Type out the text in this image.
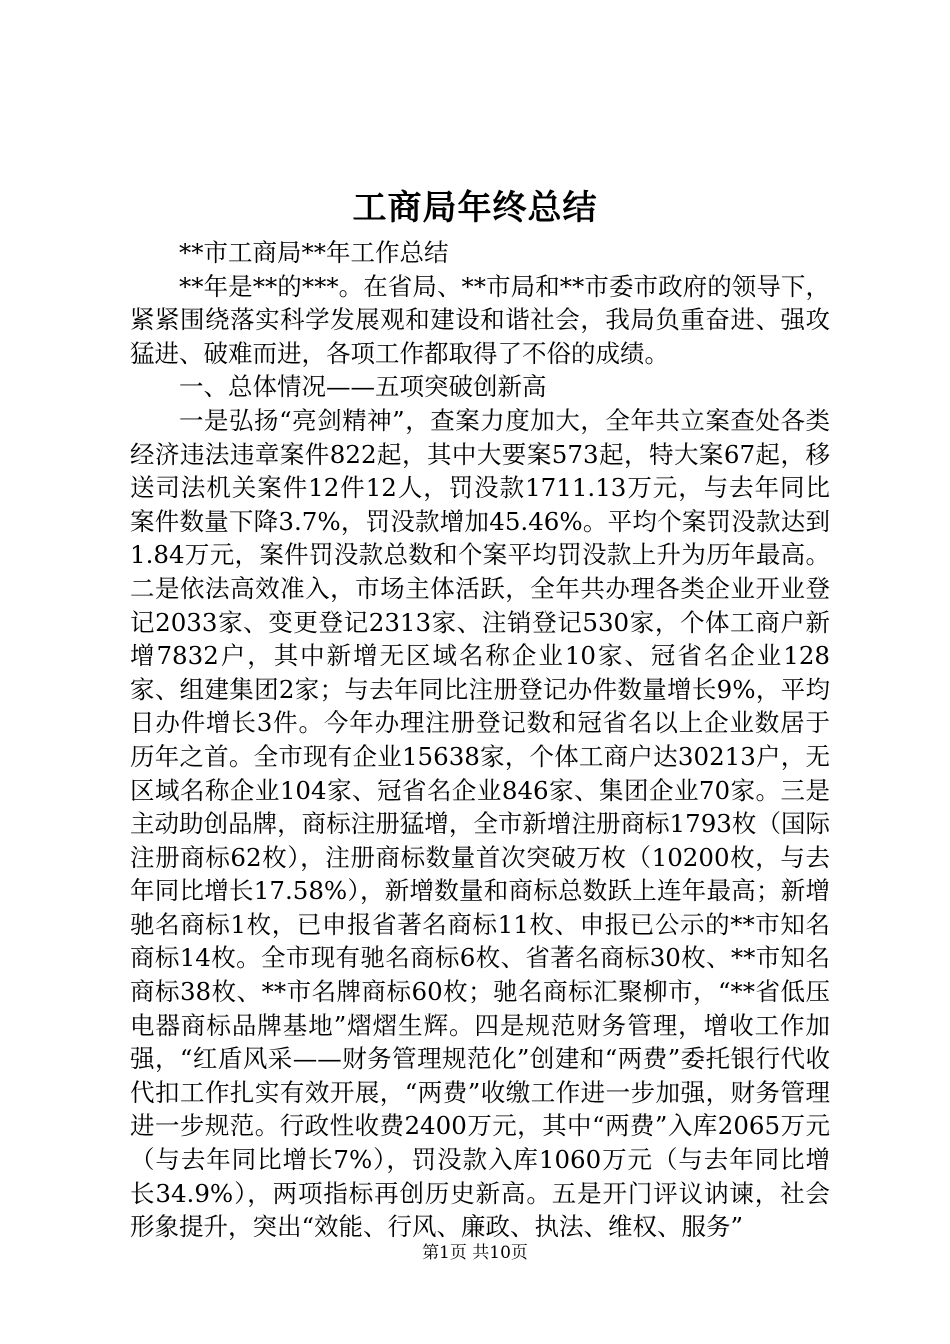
工商局年终总结

**市工商局**年工作总结

**年是**的***。在省局、**市局和**市委市政府的领导下，紧紧围绕落实科学发展观和建设和谐社会，我局负重奋进、强攻猛进、破难而进，各项工作都取得了不俗的成绩。

一、总体情况——五项突破创新高

一是弘扬“亮剑精神”，查案力度加大，全年共立案查处各类经济违法违章案件822起，其中大要案573起，特大案67起，移送司法机关案件12件12人，罚没款1711.13万元，与去年同比案件数量下降3.7%，罚没款增加45.46%。平均个案罚没款达到1.84万元，案件罚没款总数和个案平均罚没款上升为历年最高。二是依法高效准入，市场主体活跃，全年共办理各类企业开业登记2033家、变更登记2313家、注销登记530家，个体工商户新增7832户，其中新增无区域名称企业10家、冠省名企业128家、组建集团2家；与去年同比注册登记办件数量增长9%，平均日办件增长3件。今年办理注册登记数和冠省名以上企业数居于历年之首。全市现有企业15638家，个体工商户达30213户，无区域名称企业104家、冠省名企业846家、集团企业70家。三是主动助创品牌，商标注册猛增，全市新增注册商标1793枚（国际注册商标62枚），注册商标数量首次突破万枚（10200枚，与去年同比增长17.58%），新增数量和商标总数跃上连年最高；新增驰名商标1枚，已申报省著名商标11枚、申报已公示的**市知名商标14枚。全市现有驰名商标6枚、省著名商标30枚、**市知名商标38枚、**市名牌商标60枚；驰名商标汇聚柳市，“**省低压电器商标品牌基地”熠熠生辉。四是规范财务管理，增收工作加强，“红盾风采——财务管理规范化”创建和“两费”委托银行代收代扣工作扎实有效开展，“两费”收缴工作进一步加强，财务管理进一步规范。行政性收费2400万元，其中“两费”入库2065万元（与去年同比增长7%），罚没款入库1060万元（与去年同比增长34.9%），两项指标再创历史新高。五是开门评议讷谏，社会形象提升，突出“效能、行风、廉政、执法、维权、服务”

第1页 共10页
